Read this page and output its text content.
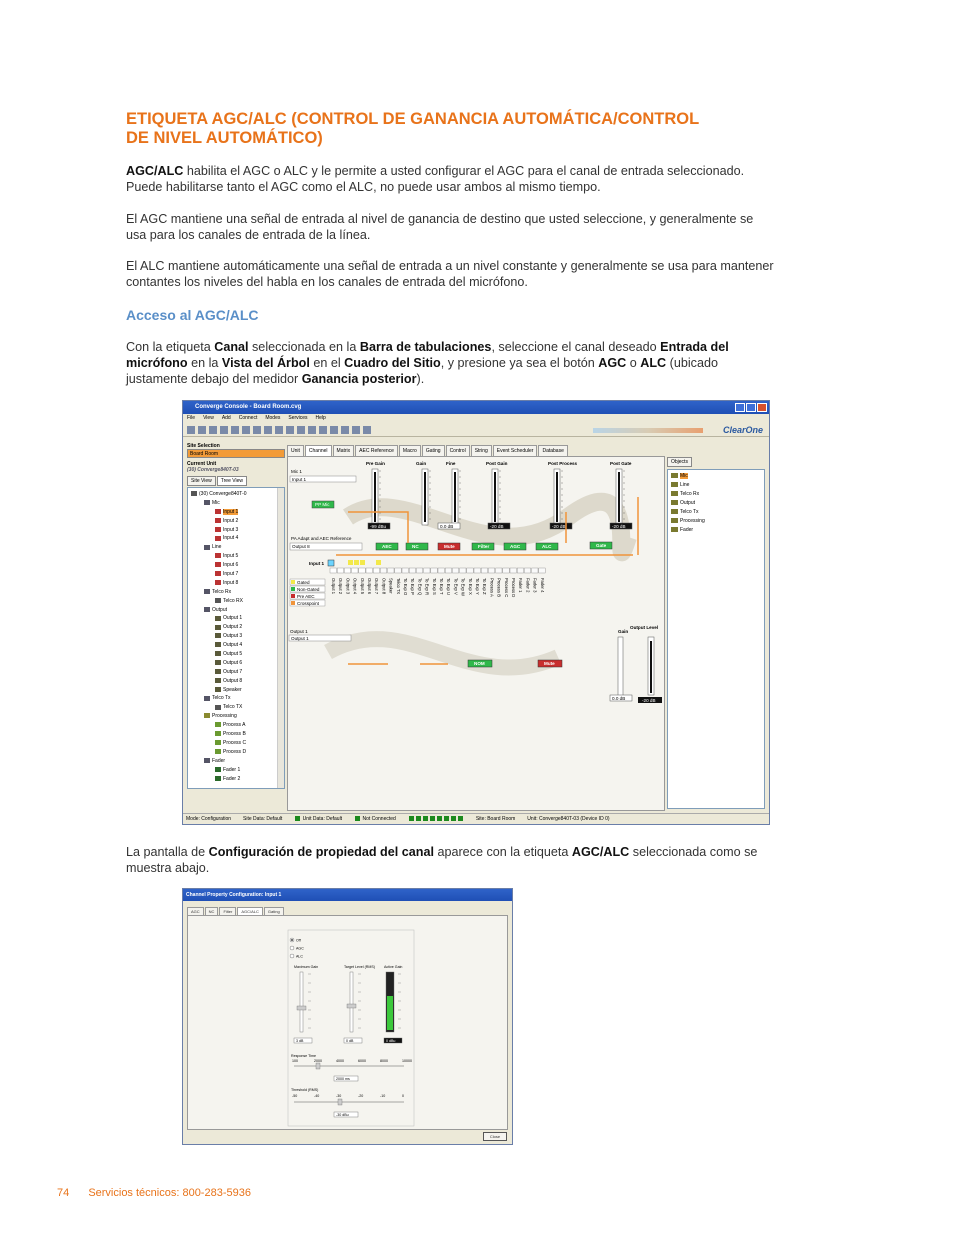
ETIQUETA AGC/ALC (CONTROL DE GANANCIA AUTOMÁTICA/CONTROL
DE NIVEL AUTOMÁTICO)
AGC/ALC habilita el AGC o ALC y le permite a usted configurar el AGC para el canal de entrada seleccionado.
Puede habilitarse tanto el AGC como el ALC, no puede usar ambos al mismo tiempo.
El AGC mantiene una señal de entrada al nivel de ganancia de destino que usted seleccione, y generalmente se
usa para los canales de entrada de la línea.
El ALC mantiene automáticamente una señal de entrada a un nivel constante y generalmente se usa para mantener
contantes los niveles del habla en los canales de entrada del micrófono.
Acceso al AGC/ALC
Con la etiqueta Canal seleccionada en la Barra de tabulaciones, seleccione el canal deseado Entrada del
micrófono en la Vista del Árbol en el Cuadro del Sitio, y presione ya sea el botón AGC o ALC (ubicado
justamente debajo del medidor Ganancia posterior).
Converge Console - Board Room.cvg
File View Add Connect Modes Services Help
ClearOne
Site Selection
Board Room
Current Unit
(30) Converge840T-03
Site View	Tree View
(30) Converge840T-0
Mic
Input 1
Input 2
Input 3
Input 4
Line
Input 5
Input 6
Input 7
Input 8
Telco Rx
Telco RX
Output
Output 1
Output 2
Output 3
Output 4
Output 5
Output 6
Output 7
Output 8
Speaker
Telco Tx
Telco TX
Processing
Process A
Process B
Process C
Process D
Fader
Fader 1
Fader 2
Unit	Channel	Matrix	AEC Reference	Macro	Gating	Control	String	Event Scheduler	Database
Mic 1
Input 1
PP Mic
PA Adapt and AEC Reference
Output 8
Pre Gain	Gain	Fine	Post Gain	Post Process	Post Gate
-99 dBu	0.0 dB	-20 dB	-20 dB	-20 dB
AEC	NC	Mute	Filter	AGC	ALC	Gate
Input 1
Output 1 Output 2 Output 3 Output 4 Output 5 Output 6 Output 7 Output 8 Speaker Telco TX To Exp O To Exp P To Exp Q To Exp R To Exp S To Exp T To Exp U To Exp V To Exp W To Exp X To Exp Y To Exp Z Process A Process B Process C Process D Fader 1 Fader 2 Fader 3 Fader 4
Gated
Non-Gated
Pre AEC
Crosspoint
Output 1
Output 1
NOM	Mute
Gain
0.0 dB
Output Level
-20 dB
Objects
Mic
Line
Telco Rx
Output
Telco Tx
Processing
Fader
Mode: Configuration Site Data: Default	Unit Data: Default	Not Connected	Site: Board Room Unit: Converge840T-03 (Device ID 0)
La pantalla de Configuración de propiedad del canal aparece con la etiqueta AGC/ALC seleccionada como se
muestra abajo.
Channel Property Configuration: Input 1
AGC	NC	Filter	AGC/ALC	Gating
Off
AGC
ALC
Maximum Gain
3 dB
Target Level (RMS)
0 dB
Active Gain
0 dBu
Response Time
100	2000	4000	6000	8000	10000
2000 ms
Threshold (RMS)
-50	-40	-30	-20	-10	0
-30 dBu
Close
74 Servicios técnicos: 800-283-5936
